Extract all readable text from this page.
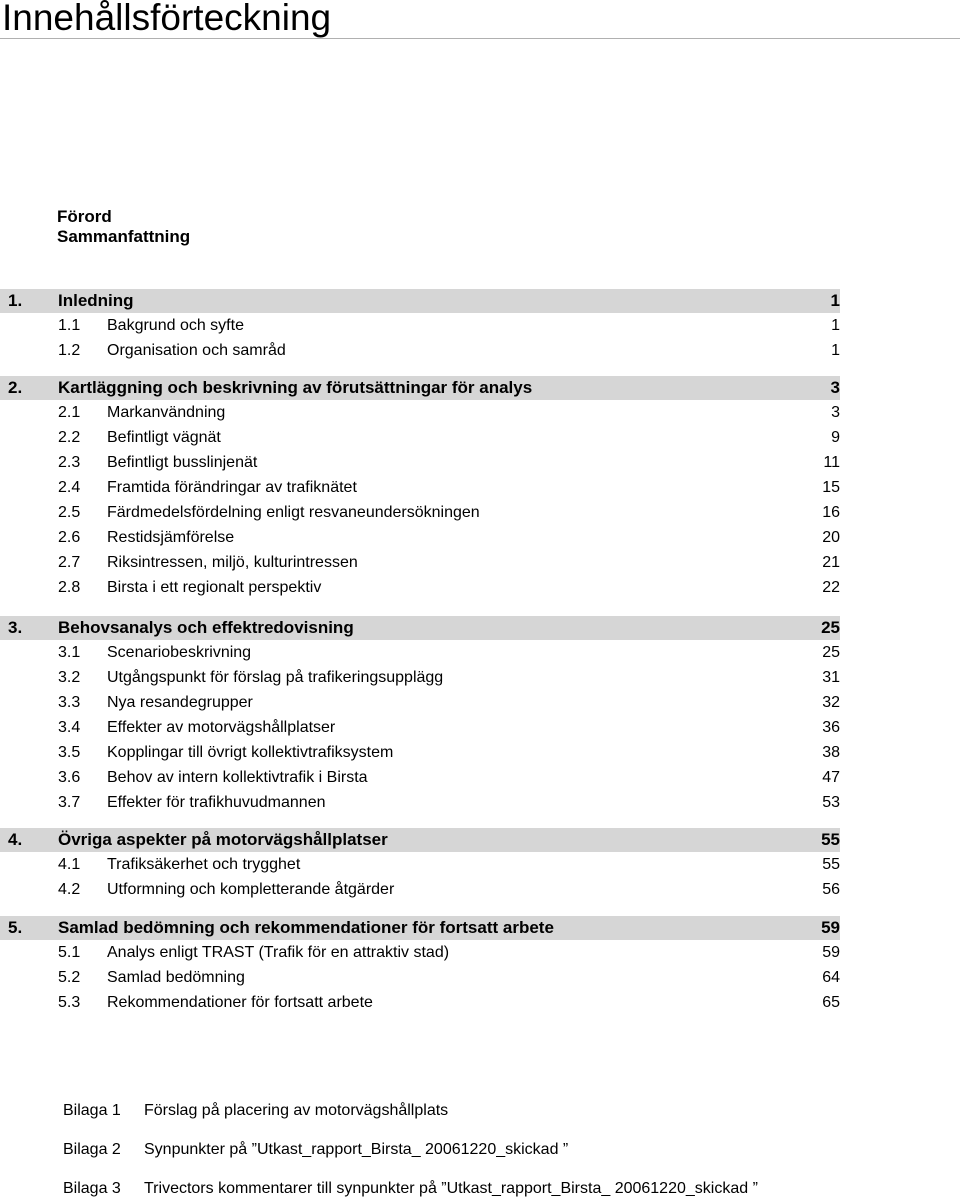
Innehållsförteckning
Förord
Sammanfattning
1. Inledning	1
1.1 Bakgrund och syfte	1
1.2 Organisation och samråd	1
2. Kartläggning och beskrivning av förutsättningar för analys	3
2.1 Markanvändning	3
2.2 Befintligt vägnät	9
2.3 Befintligt busslinjenät	11
2.4 Framtida förändringar av trafiknätet	15
2.5 Färdmedelsfördelning enligt resvaneundersökningen	16
2.6 Restidsjämförelse	20
2.7 Riksintressen, miljö, kulturintressen	21
2.8 Birsta i ett regionalt perspektiv	22
3. Behovsanalys och effektredovisning	25
3.1 Scenariobeskrivning	25
3.2 Utgångspunkt för förslag på trafikeringsupplägg	31
3.3 Nya resandegrupper	32
3.4 Effekter av motorvägshållplatser	36
3.5 Kopplingar till övrigt kollektivtrafiksystem	38
3.6 Behov av intern kollektivtrafik i Birsta	47
3.7 Effekter för trafikhuvudmannen	53
4. Övriga aspekter på motorvägshållplatser	55
4.1 Trafiksäkerhet och trygghet	55
4.2 Utformning och kompletterande åtgärder	56
5. Samlad bedömning och rekommendationer för fortsatt arbete	59
5.1 Analys enligt TRAST (Trafik för en attraktiv stad)	59
5.2 Samlad bedömning	64
5.3 Rekommendationer för fortsatt arbete	65
Bilaga 1 Förslag på placering av motorvägshållplats
Bilaga 2 Synpunkter på ”Utkast_rapport_Birsta_ 20061220_skickad ”
Bilaga 3 Trivectors kommentarer till synpunkter på ”Utkast_rapport_Birsta_ 20061220_skickad ”
